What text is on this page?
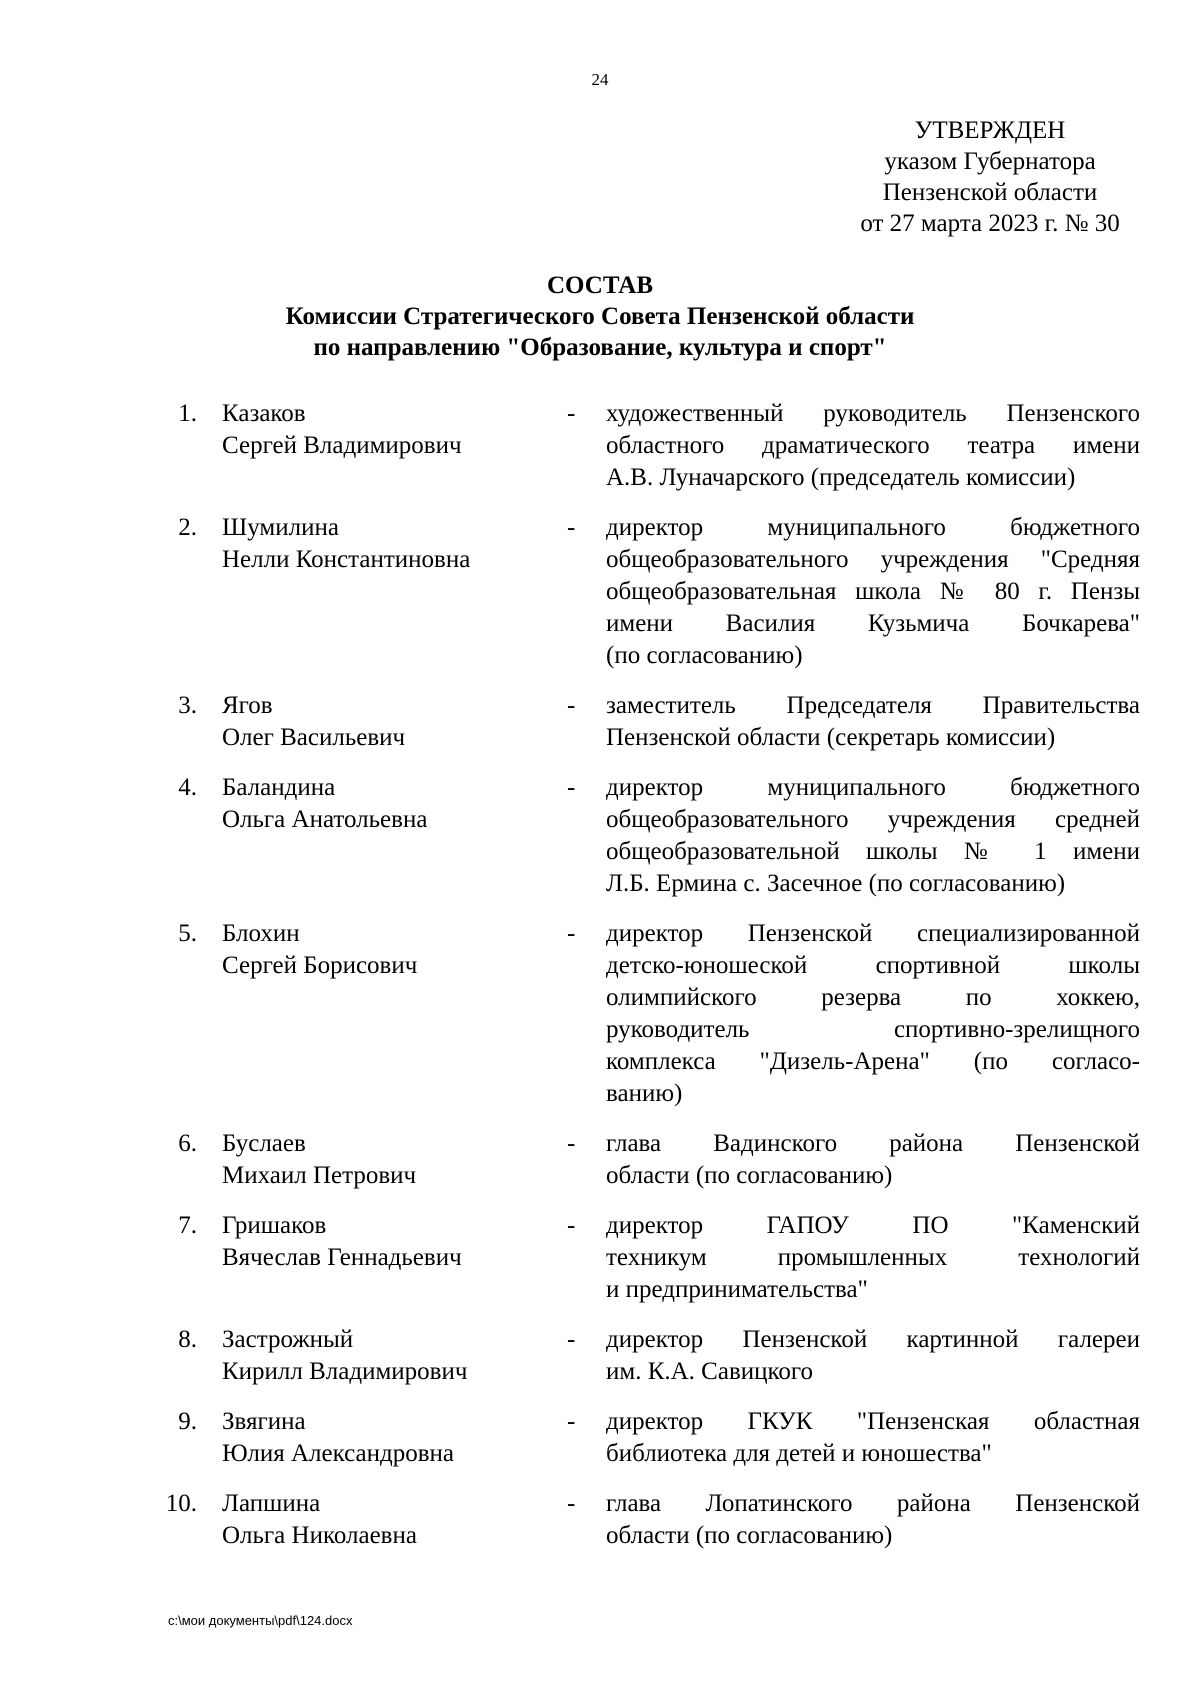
24
УТВЕРЖДЕН
указом Губернатора
Пензенской области
от 27 марта 2023 г. № 30
СОСТАВ
Комиссии Стратегического Совета Пензенской области
по направлению "Образование, культура и спорт"
1. Казаков
Сергей Владимирович
- художественный руководитель Пензенского
областного драматического театра имени
А.В. Луначарского (председатель комиссии)
2. Шумилина
Нелли Константиновна
- директор муниципального бюджетного
общеобразовательного учреждения "Средняя
общеобразовательная школа № 80 г. Пензы
имени Василия Кузьмича Бочкарева"
(по согласованию)
3. Ягов
Олег Васильевич
- заместитель Председателя Правительства
Пензенской области (секретарь комиссии)
4. Баландина
Ольга Анатольевна
- директор муниципального бюджетного
общеобразовательного учреждения средней
общеобразовательной школы № 1 имени
Л.Б. Ермина с. Засечное (по согласованию)
5. Блохин
Сергей Борисович
- директор Пензенской специализированной
детско-юношеской спортивной школы
олимпийского резерва по хоккею,
руководитель спортивно-зрелищного
комплекса "Дизель-Арена" (по согласо-
ванию)
6. Буслаев
Михаил Петрович
- глава Вадинского района Пензенской
области (по согласованию)
7. Гришаков
Вячеслав Геннадьевич
- директор ГАПОУ ПО "Каменский
техникум промышленных технологий
и предпринимательства"
8. Застрожный
Кирилл Владимирович
- директор Пензенской картинной галереи
им. К.А. Савицкого
9. Звягина
Юлия Александровна
- директор ГКУК "Пензенская областная
библиотека для детей и юношества"
10. Лапшина
Ольга Николаевна
- глава Лопатинского района Пензенской
области (по согласованию)
c:\мои документы\pdf\124.docx
